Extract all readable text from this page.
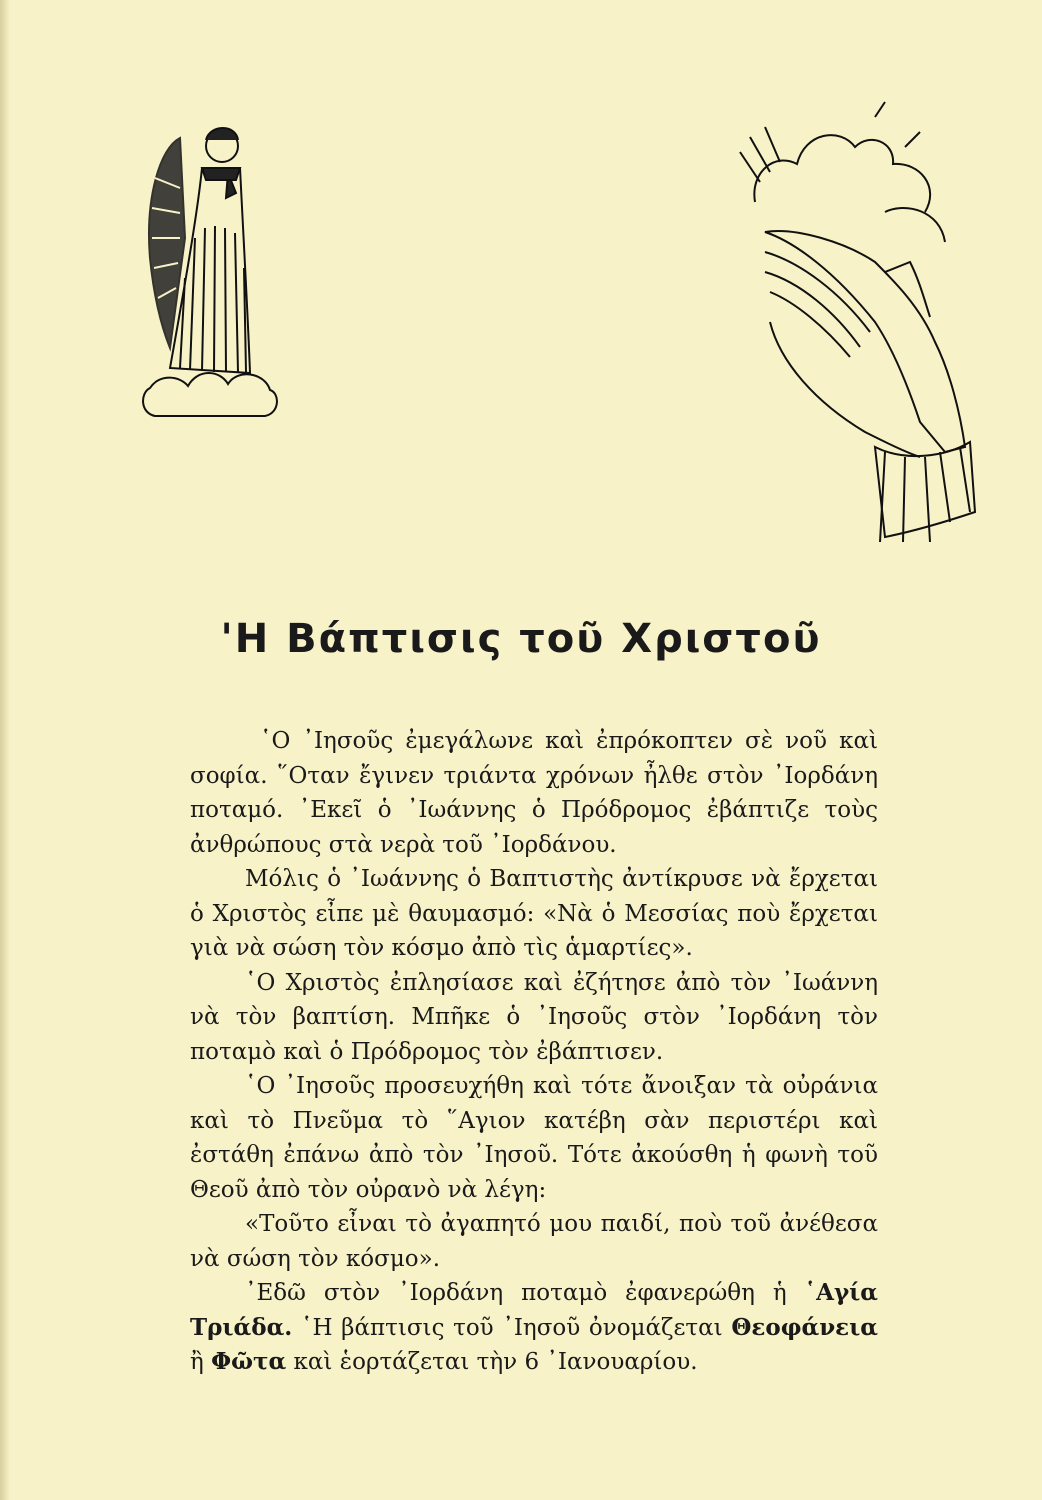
'Η Βάπτισις τοῦ Χριστοῦ

῾Ο ᾿Ιησοῦς ἐμεγάλωνε καὶ ἐπρόκοπτεν σὲ νοῦ καὶ σοφία. ῞Οταν ἔγινεν τριάντα χρόνων ἦλθε στὸν ᾿Ιορδάνη ποταμό. ᾿Εκεῖ ὁ ᾿Ιωάννης ὁ Πρόδρομος ἐβάπτιζε τοὺς ἀνθρώπους στὰ νερὰ τοῦ ᾿Ιορδάνου.

Μόλις ὁ ᾿Ιωάννης ὁ Βαπτιστὴς ἀντίκρυσε νὰ ἔρχεται ὁ Χριστὸς εἶπε μὲ θαυμασμό: «Νὰ ὁ Μεσσίας ποὺ ἔρχεται γιὰ νὰ σώση τὸν κόσμο ἀπὸ τὶς ἁμαρτίες».

῾Ο Χριστὸς ἐπλησίασε καὶ ἐζήτησε ἀπὸ τὸν ᾿Ιωάννη νὰ τὸν βαπτίση. Μπῆκε ὁ ᾿Ιησοῦς στὸν ᾿Ιορδάνη τὸν ποταμὸ καὶ ὁ Πρόδρομος τὸν ἐβάπτισεν.

῾Ο ᾿Ιησοῦς προσευχήθη καὶ τότε ἄνοιξαν τὰ οὐράνια καὶ τὸ Πνεῦμα τὸ ῞Αγιον κατέβη σὰν περιστέρι καὶ ἐστάθη ἐπάνω ἀπὸ τὸν ᾿Ιησοῦ. Τότε ἀκούσθη ἡ φωνὴ τοῦ Θεοῦ ἀπὸ τὸν οὐρανὸ νὰ λέγη:

«Τοῦτο εἶναι τὸ ἀγαπητό μου παιδί, ποὺ τοῦ ἀνέθεσα νὰ σώση τὸν κόσμο».

᾿Εδῶ στὸν ᾿Ιορδάνη ποταμὸ ἐφανερώθη ἡ ῾Αγία Τριάδα. ῾Η βάπτισις τοῦ ᾿Ιησοῦ ὀνομάζεται Θεοφάνεια ἢ Φῶτα καὶ ἑορτάζεται τὴν 6 ᾿Ιανουαρίου.
